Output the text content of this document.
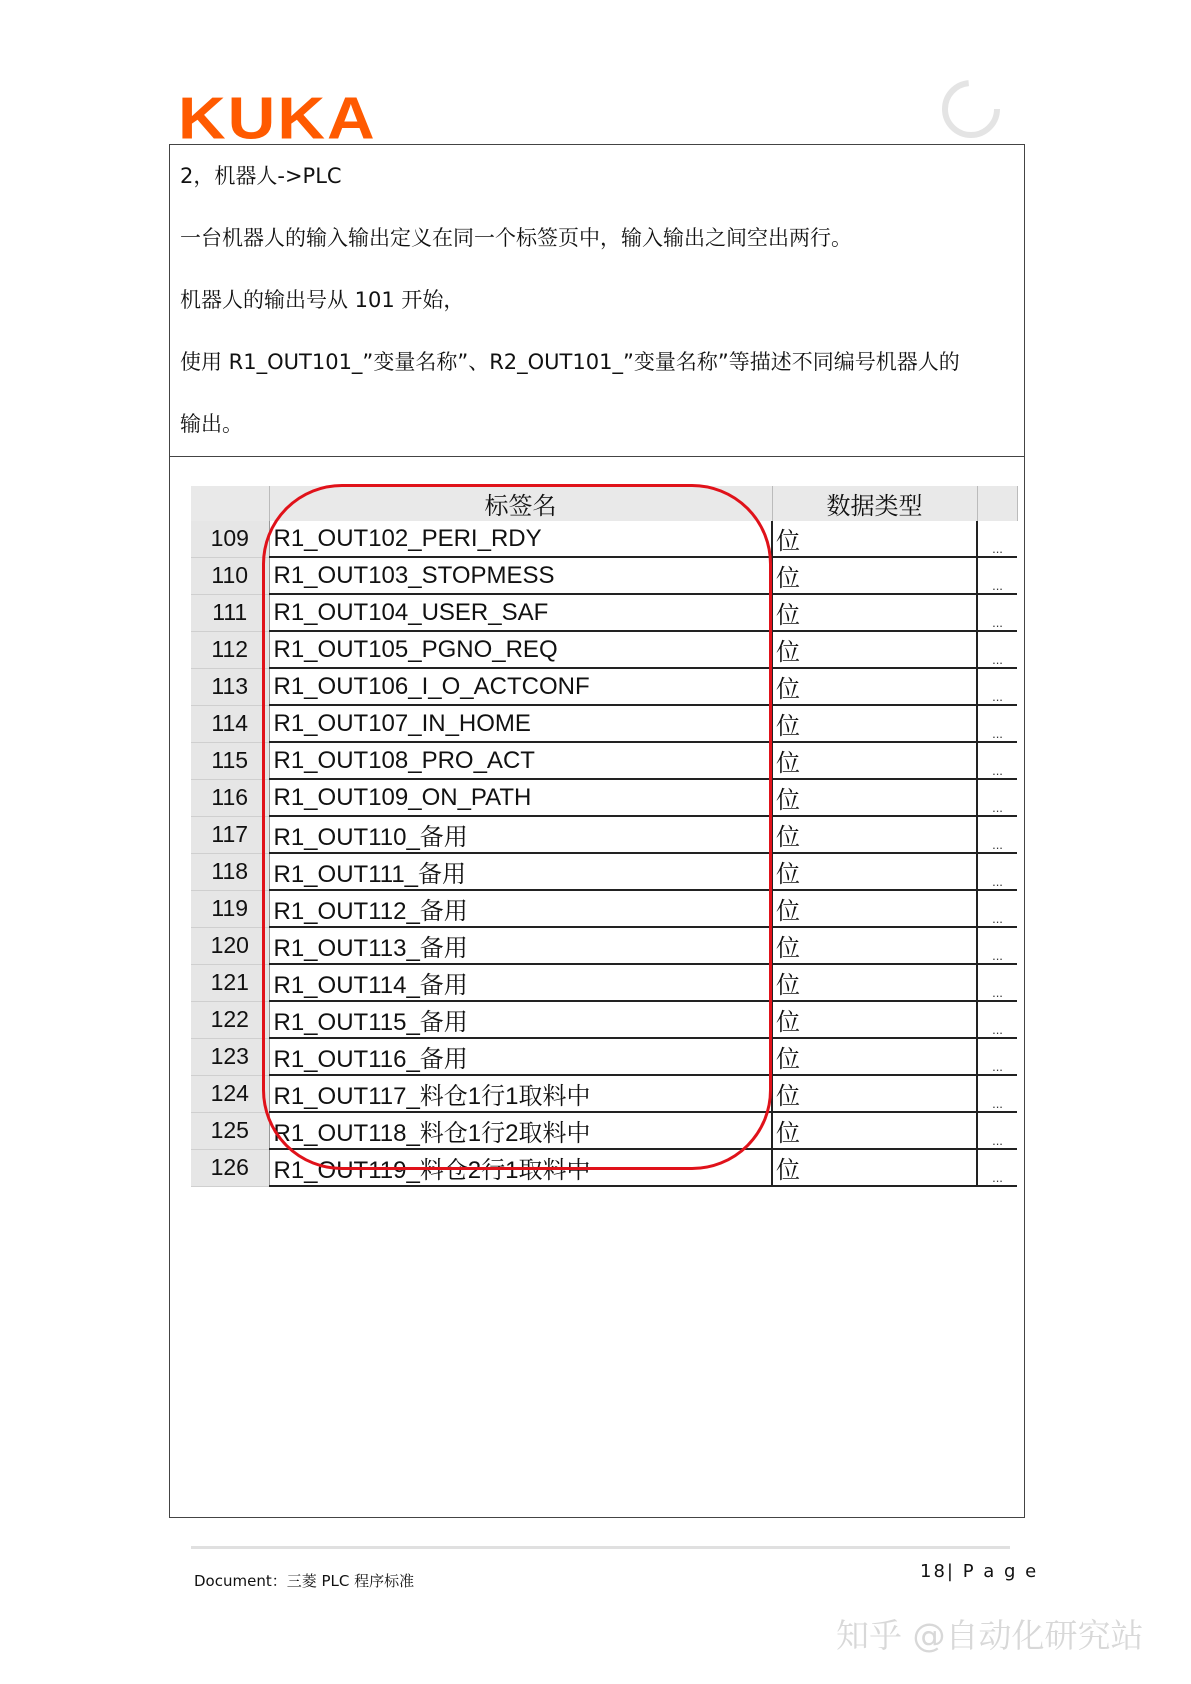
KUKA
2，机器人->PLC
一台机器人的输入输出定义在同一个标签页中，输入输出之间空出两行。
机器人的输出号从 101 开始，
使用 R1_OUT101_”变量名称”、R2_OUT101_”变量名称”等描述不同编号机器人的
输出。
	标签名	数据类型	
109	R1_OUT102_PERI_RDY	位	...
110	R1_OUT103_STOPMESS	位	...
111	R1_OUT104_USER_SAF	位	...
112	R1_OUT105_PGNO_REQ	位	...
113	R1_OUT106_I_O_ACTCONF	位	...
114	R1_OUT107_IN_HOME	位	...
115	R1_OUT108_PRO_ACT	位	...
116	R1_OUT109_ON_PATH	位	...
117	R1_OUT110_备用	位	...
118	R1_OUT111_备用	位	...
119	R1_OUT112_备用	位	...
120	R1_OUT113_备用	位	...
121	R1_OUT114_备用	位	...
122	R1_OUT115_备用	位	...
123	R1_OUT116_备用	位	...
124	R1_OUT117_料仓1行1取料中	位	...
125	R1_OUT118_料仓1行2取料中	位	...
126	R1_OUT119_料仓2行1取料中	位	...
Document：三菱 PLC 程序标准	18| P a g e
知乎 @自动化研究站
